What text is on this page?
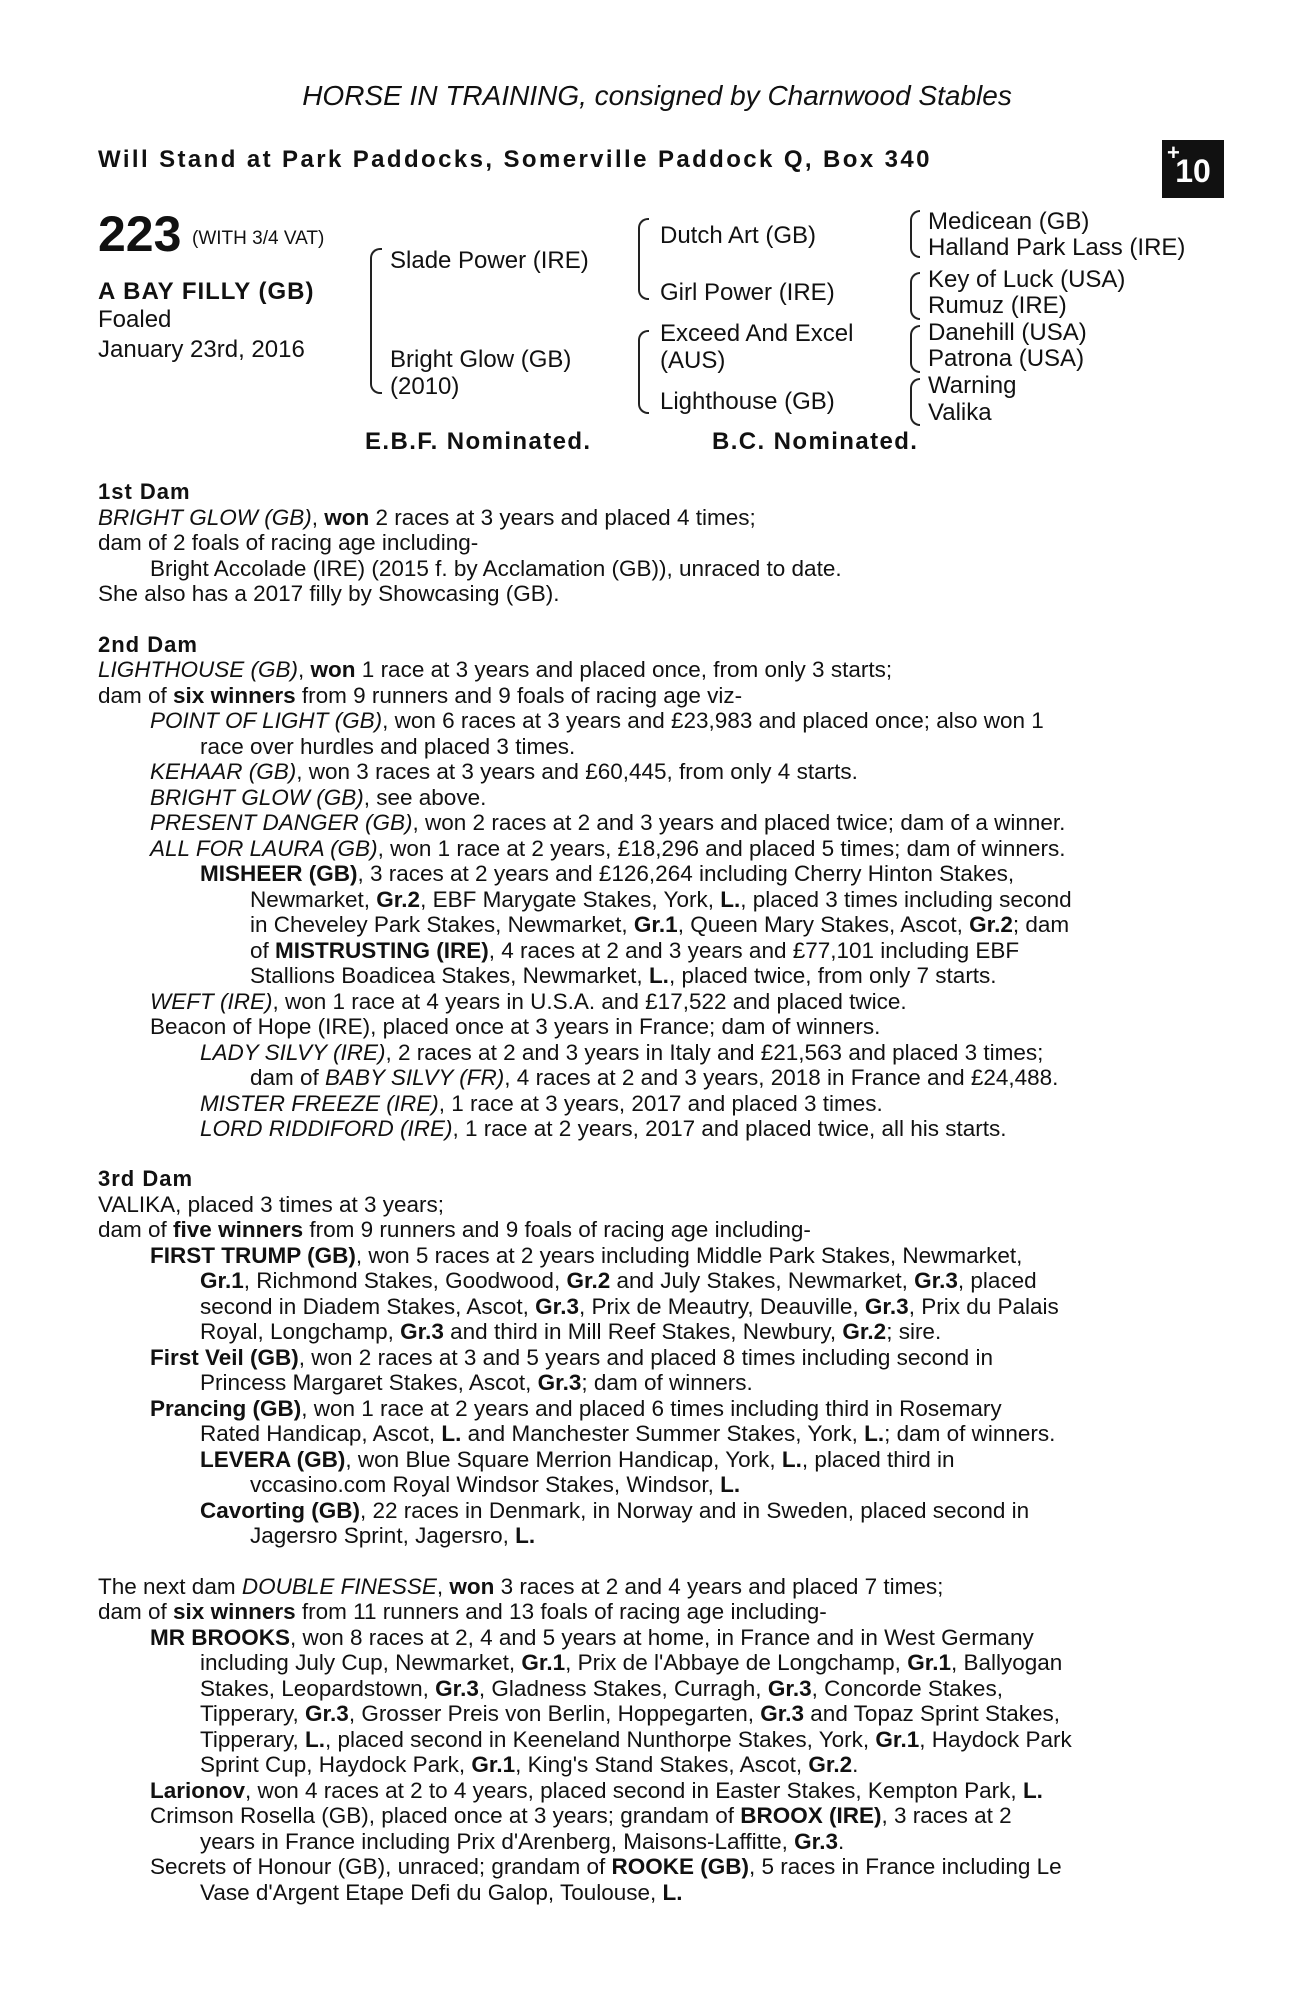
HORSE IN TRAINING, consigned by Charnwood Stables
Will Stand at Park Paddocks, Somerville Paddock Q, Box 340	+
10
223 (WITH 3/4 VAT)
A BAY FILLY (GB)
Foaled
January 23rd, 2016
Slade Power (IRE)
Bright Glow (GB)
(2010)
Dutch Art (GB)
Girl Power (IRE)
Exceed And Excel
(AUS)
Lighthouse (GB)
Medicean (GB)
Halland Park Lass (IRE)
Key of Luck (USA)
Rumuz (IRE)
Danehill (USA)
Patrona (USA)
Warning
Valika
E.B.F. Nominated.	B.C. Nominated.
1st Dam
BRIGHT GLOW (GB), won 2 races at 3 years and placed 4 times;
dam of 2 foals of racing age including-
Bright Accolade (IRE) (2015 f. by Acclamation (GB)), unraced to date.
She also has a 2017 filly by Showcasing (GB).
2nd Dam
LIGHTHOUSE (GB), won 1 race at 3 years and placed once, from only 3 starts;
dam of six winners from 9 runners and 9 foals of racing age viz-
POINT OF LIGHT (GB), won 6 races at 3 years and £23,983 and placed once; also won 1
race over hurdles and placed 3 times.
KEHAAR (GB), won 3 races at 3 years and £60,445, from only 4 starts.
BRIGHT GLOW (GB), see above.
PRESENT DANGER (GB), won 2 races at 2 and 3 years and placed twice; dam of a winner.
ALL FOR LAURA (GB), won 1 race at 2 years, £18,296 and placed 5 times; dam of winners.
MISHEER (GB), 3 races at 2 years and £126,264 including Cherry Hinton Stakes,
Newmarket, Gr.2, EBF Marygate Stakes, York, L., placed 3 times including second
in Cheveley Park Stakes, Newmarket, Gr.1, Queen Mary Stakes, Ascot, Gr.2; dam
of MISTRUSTING (IRE), 4 races at 2 and 3 years and £77,101 including EBF
Stallions Boadicea Stakes, Newmarket, L., placed twice, from only 7 starts.
WEFT (IRE), won 1 race at 4 years in U.S.A. and £17,522 and placed twice.
Beacon of Hope (IRE), placed once at 3 years in France; dam of winners.
LADY SILVY (IRE), 2 races at 2 and 3 years in Italy and £21,563 and placed 3 times;
dam of BABY SILVY (FR), 4 races at 2 and 3 years, 2018 in France and £24,488.
MISTER FREEZE (IRE), 1 race at 3 years, 2017 and placed 3 times.
LORD RIDDIFORD (IRE), 1 race at 2 years, 2017 and placed twice, all his starts.
3rd Dam
VALIKA, placed 3 times at 3 years;
dam of five winners from 9 runners and 9 foals of racing age including-
FIRST TRUMP (GB), won 5 races at 2 years including Middle Park Stakes, Newmarket,
Gr.1, Richmond Stakes, Goodwood, Gr.2 and July Stakes, Newmarket, Gr.3, placed
second in Diadem Stakes, Ascot, Gr.3, Prix de Meautry, Deauville, Gr.3, Prix du Palais
Royal, Longchamp, Gr.3 and third in Mill Reef Stakes, Newbury, Gr.2; sire.
First Veil (GB), won 2 races at 3 and 5 years and placed 8 times including second in
Princess Margaret Stakes, Ascot, Gr.3; dam of winners.
Prancing (GB), won 1 race at 2 years and placed 6 times including third in Rosemary
Rated Handicap, Ascot, L. and Manchester Summer Stakes, York, L.; dam of winners.
LEVERA (GB), won Blue Square Merrion Handicap, York, L., placed third in
vccasino.com Royal Windsor Stakes, Windsor, L.
Cavorting (GB), 22 races in Denmark, in Norway and in Sweden, placed second in
Jagersro Sprint, Jagersro, L.
The next dam DOUBLE FINESSE, won 3 races at 2 and 4 years and placed 7 times;
dam of six winners from 11 runners and 13 foals of racing age including-
MR BROOKS, won 8 races at 2, 4 and 5 years at home, in France and in West Germany
including July Cup, Newmarket, Gr.1, Prix de l'Abbaye de Longchamp, Gr.1, Ballyogan
Stakes, Leopardstown, Gr.3, Gladness Stakes, Curragh, Gr.3, Concorde Stakes,
Tipperary, Gr.3, Grosser Preis von Berlin, Hoppegarten, Gr.3 and Topaz Sprint Stakes,
Tipperary, L., placed second in Keeneland Nunthorpe Stakes, York, Gr.1, Haydock Park
Sprint Cup, Haydock Park, Gr.1, King's Stand Stakes, Ascot, Gr.2.
Larionov, won 4 races at 2 to 4 years, placed second in Easter Stakes, Kempton Park, L.
Crimson Rosella (GB), placed once at 3 years; grandam of BROOX (IRE), 3 races at 2
years in France including Prix d'Arenberg, Maisons-Laffitte, Gr.3.
Secrets of Honour (GB), unraced; grandam of ROOKE (GB), 5 races in France including Le
Vase d'Argent Etape Defi du Galop, Toulouse, L.
